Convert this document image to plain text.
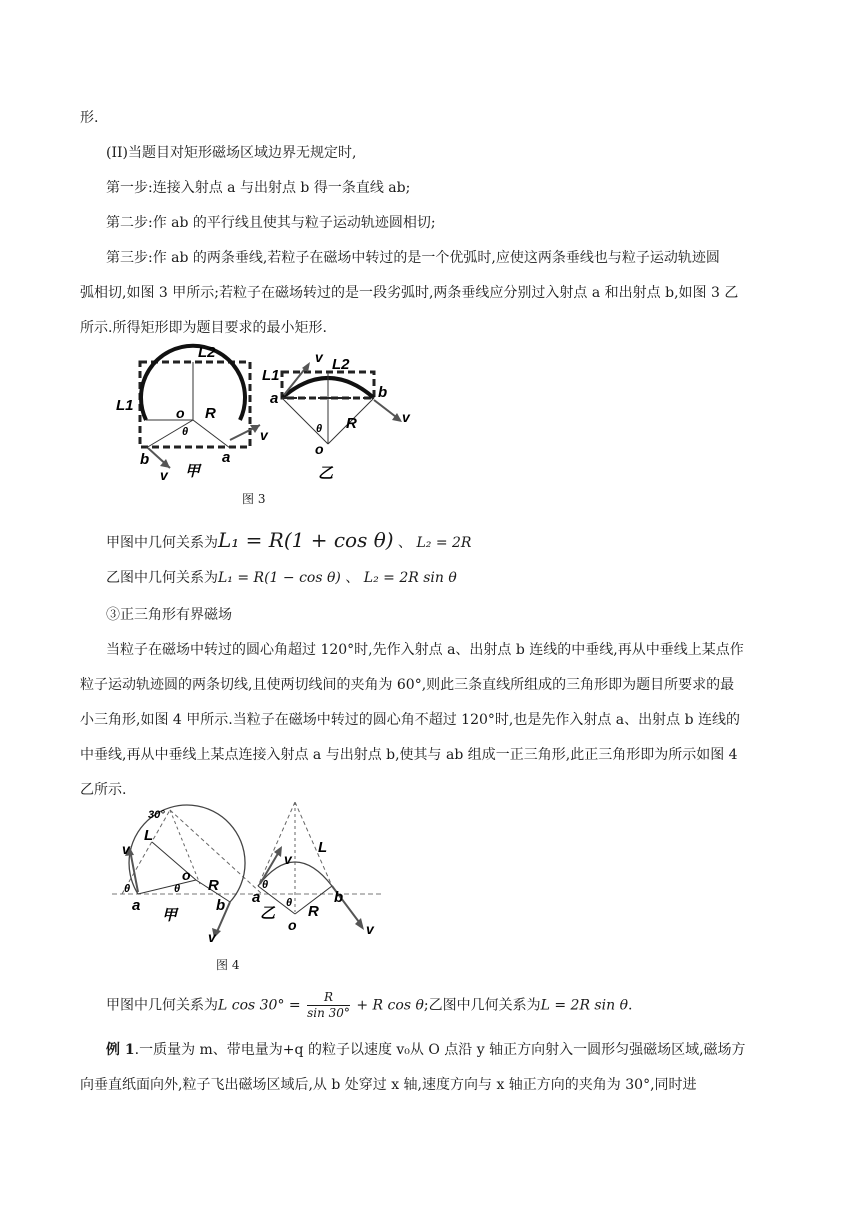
形.
(II)当题目对矩形磁场区域边界无规定时,
第一步:连接入射点 a 与出射点 b 得一条直线 ab;
第二步:作 ab 的平行线且使其与粒子运动轨迹圆相切;
第三步:作 ab 的两条垂线,若粒子在磁场中转过的是一个优弧时,应使这两条垂线也与粒子运动轨迹圆
弧相切,如图 3 甲所示;若粒子在磁场转过的是一段劣弧时,两条垂线应分别过入射点 a 和出射点 b,如图 3 乙
所示.所得矩形即为题目要求的最小矩形.
L2
L1	o R
θ	v
v
b	a
甲
v L2
L1
a	b
v
θ R
o
乙
图 3
甲图中几何关系为L₁ = R(1 + cos θ) 、 L₂ = 2R
乙图中几何关系为L₁ = R(1 − cos θ) 、 L₂ = 2R sin θ
③正三角形有界磁场
当粒子在磁场中转过的圆心角超过 120°时,先作入射点 a、出射点 b 连线的中垂线,再从中垂线上某点作
粒子运动轨迹圆的两条切线,且使两切线间的夹角为 60°,则此三条直线所组成的三角形即为题目所要求的最
小三角形,如图 4 甲所示.当粒子在磁场中转过的圆心角不超过 120°时,也是先作入射点 a、出射点 b 连线的
中垂线,再从中垂线上某点连接入射点 a 与出射点 b,使其与 ab 组成一正三角形,此正三角形即为所示如图 4
乙所示.
30°
L
v
o
R
θ	θ
a
甲
b
v
v
L
θ
θ
a
乙
b
R
o	v
图 4
甲图中几何关系为L $\cos 30^\circ = \frac{R}{\sin 30^\circ} + R$ cos θ;乙图中几何关系为L = 2R sin θ.
例 1.一质量为 m、带电量为+q 的粒子以速度 v₀从 O 点沿 y 轴正方向射入一圆形匀强磁场区域,磁场方
向垂直纸面向外,粒子飞出磁场区域后,从 b 处穿过 x 轴,速度方向与 x 轴正方向的夹角为 30°,同时进
